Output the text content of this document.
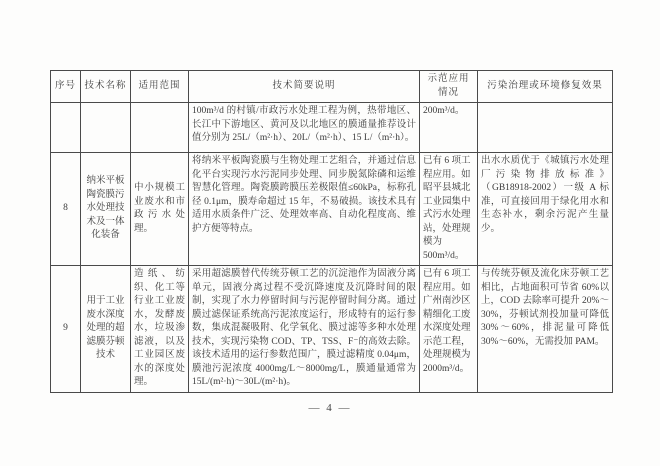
序号	技术名称	适用范围	技术简要说明	示范应用情况	污染治理或环境修复效果
			100m³/d 的村镇/市政污水处理工程为例，热带地区、长江中下游地区、黄河及以北地区的膜通量推荐设计值分别为 25L/（m²·h）、20L/（m²·h）、15 L/（m²·h）。	200m³/d。	
8	纳米平板陶瓷膜污水处理技术及一体化装备	中小规模工业废水和市政污水处理。	将纳米平板陶瓷膜与生物处理工艺组合，并通过信息化平台实现污水污泥同步处理、同步脱氮除磷和运维智慧化管理。陶瓷膜跨膜压差极限值≤60kPa，标称孔径 0.1μm，膜寿命超过 15 年，不易破损。该技术具有适用水质条件广泛、处理效率高、自动化程度高、维护方便等特点。	已有 6 项工程应用。如昭平县城北工业园集中式污水处理站，处理规模为 500m³/d。	出水水质优于《城镇污水处理厂污染物排放标准》（GB18918-2002）一级 A 标准，可直接回用于绿化用水和生态补水，剩余污泥产生量少。
9	用于工业废水深度处理的超滤膜芬顿技术	造纸、纺织、化工等行业工业废水，发酵废水，垃圾渗滤液，以及工业园区废水的深度处理。	采用超滤膜替代传统芬顿工艺的沉淀池作为固液分离单元，固液分离过程不受沉降速度及沉降时间的限制，实现了水力停留时间与污泥停留时间分离。通过膜过滤保证系统高污泥浓度运行，形成特有的运行参数，集成混凝吸附、化学氧化、膜过滤等多种水处理技术，实现污染物 COD、TP、TSS、F⁻的高效去除。该技术适用的运行参数范围广，膜过滤精度 0.04μm，膜池污泥浓度 4000mg/L～8000mg/L，膜通量通常为 15L/(m²·h)～30L/(m²·h)。	已有 6 项工程应用。如广州南沙区精细化工废水深度处理示范工程，处理规模为 2000m³/d。	与传统芬顿及流化床芬顿工艺相比，占地面积可节省 60%以上，COD 去除率可提升 20%～30%，芬顿试剂投加量可降低 30%～60%，排泥量可降低 30%～60%，无需投加 PAM。
— 4 —
